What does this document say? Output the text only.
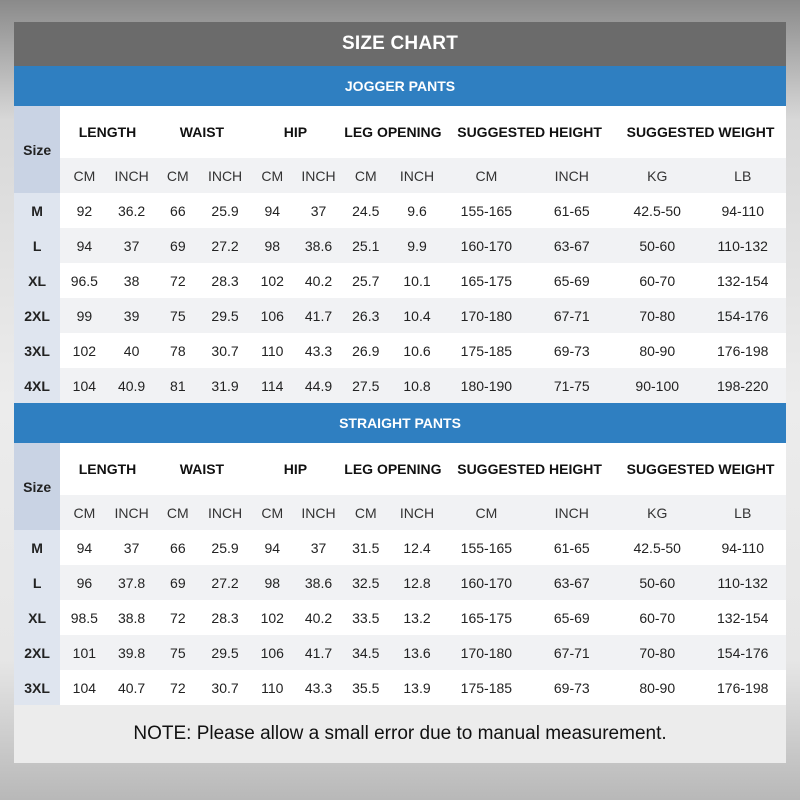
SIZE CHART
JOGGER PANTS
Size	LENGTH		WAIST		HIP		LEG OPENING		SUGGESTED HEIGHT		SUGGESTED WEIGHT	
	CM	INCH	CM	INCH	CM	INCH	CM	INCH	CM	INCH	KG	LB
M	92	36.2	66	25.9	94	37	24.5	9.6	155-165	61-65	42.5-50	94-110
L	94	37	69	27.2	98	38.6	25.1	9.9	160-170	63-67	50-60	110-132
XL	96.5	38	72	28.3	102	40.2	25.7	10.1	165-175	65-69	60-70	132-154
2XL	99	39	75	29.5	106	41.7	26.3	10.4	170-180	67-71	70-80	154-176
3XL	102	40	78	30.7	110	43.3	26.9	10.6	175-185	69-73	80-90	176-198
4XL	104	40.9	81	31.9	114	44.9	27.5	10.8	180-190	71-75	90-100	198-220
STRAIGHT PANTS
Size	LENGTH		WAIST		HIP		LEG OPENING		SUGGESTED HEIGHT		SUGGESTED WEIGHT	
	CM	INCH	CM	INCH	CM	INCH	CM	INCH	CM	INCH	KG	LB
M	94	37	66	25.9	94	37	31.5	12.4	155-165	61-65	42.5-50	94-110
L	96	37.8	69	27.2	98	38.6	32.5	12.8	160-170	63-67	50-60	110-132
XL	98.5	38.8	72	28.3	102	40.2	33.5	13.2	165-175	65-69	60-70	132-154
2XL	101	39.8	75	29.5	106	41.7	34.5	13.6	170-180	67-71	70-80	154-176
3XL	104	40.7	72	30.7	110	43.3	35.5	13.9	175-185	69-73	80-90	176-198
NOTE: Please allow a small error due to manual measurement.
